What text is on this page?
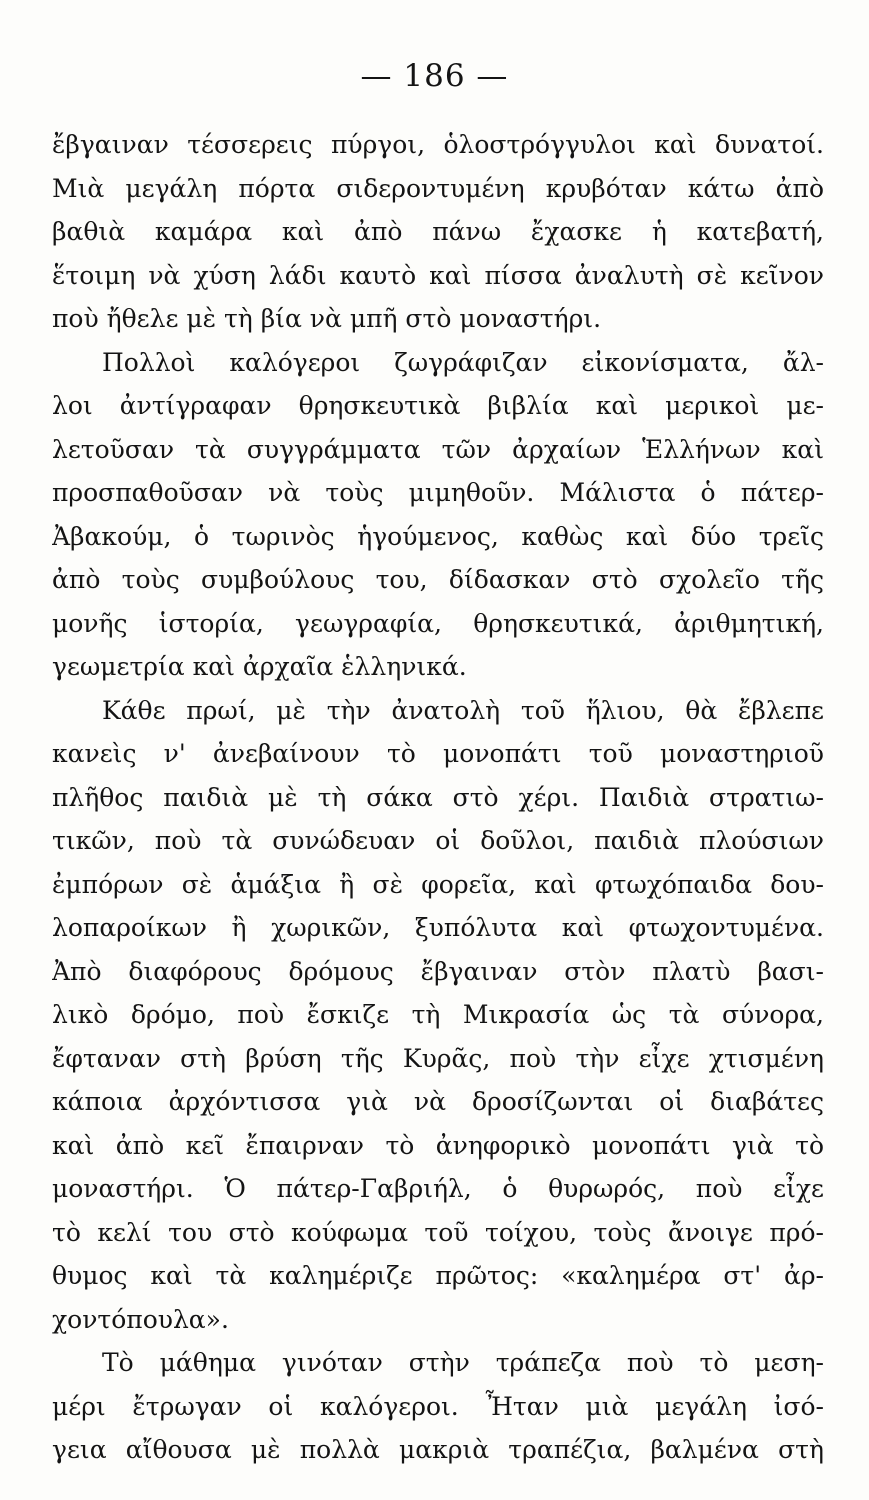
— 186 —
ἔβγαιναν τέσσερεις πύργοι, ὁλοστρόγγυλοι καὶ δυνατοί.
Μιὰ μεγάλη πόρτα σιδεροντυμένη κρυβόταν κάτω ἀπὸ
βαθιὰ καμάρα καὶ ἀπὸ πάνω ἔχασκε ἡ κατεβατή,
ἕτοιμη νὰ χύση λάδι καυτὸ καὶ πίσσα ἀναλυτὴ σὲ κεῖνον
ποὺ ἤθελε μὲ τὴ βία νὰ μπῆ στὸ μοναστήρι.
Πολλοὶ καλόγεροι ζωγράφιζαν εἰκονίσματα, ἄλ-
λοι ἀντίγραφαν θρησκευτικὰ βιβλία καὶ μερικοὶ με-
λετοῦσαν τὰ συγγράμματα τῶν ἀρχαίων Ἑλλήνων καὶ
προσπαθοῦσαν νὰ τοὺς μιμηθοῦν. Μάλιστα ὁ πάτερ-
Ἀβακούμ, ὁ τωρινὸς ἡγούμενος, καθὼς καὶ δύο τρεῖς
ἀπὸ τοὺς συμβούλους του, δίδασκαν στὸ σχολεῖο τῆς
μονῆς ἱστορία, γεωγραφία, θρησκευτικά, ἀριθμητική,
γεωμετρία καὶ ἀρχαῖα ἑλληνικά.
Κάθε πρωί, μὲ τὴν ἀνατολὴ τοῦ ἥλιου, θὰ ἔβλεπε
κανεὶς ν' ἀνεβαίνουν τὸ μονοπάτι τοῦ μοναστηριοῦ
πλῆθος παιδιὰ μὲ τὴ σάκα στὸ χέρι. Παιδιὰ στρατιω-
τικῶν, ποὺ τὰ συνώδευαν οἱ δοῦλοι, παιδιὰ πλούσιων
ἐμπόρων σὲ ἁμάξια ἢ σὲ φορεῖα, καὶ φτωχόπαιδα δου-
λοπαροίκων ἢ χωρικῶν, ξυπόλυτα καὶ φτωχοντυμένα.
Ἀπὸ διαφόρους δρόμους ἔβγαιναν στὸν πλατὺ βασι-
λικὸ δρόμο, ποὺ ἔσκιζε τὴ Μικρασία ὡς τὰ σύνορα,
ἔφταναν στὴ βρύση τῆς Κυρᾶς, ποὺ τὴν εἶχε χτισμένη
κάποια ἀρχόντισσα γιὰ νὰ δροσίζωνται οἱ διαβάτες
καὶ ἀπὸ κεῖ ἔπαιρναν τὸ ἀνηφορικὸ μονοπάτι γιὰ τὸ
μοναστήρι. Ὁ πάτερ-Γαβριήλ, ὁ θυρωρός, ποὺ εἶχε
τὸ κελί του στὸ κούφωμα τοῦ τοίχου, τοὺς ἄνοιγε πρό-
θυμος καὶ τὰ καλημέριζε πρῶτος: «καλημέρα στ' ἀρ-
χοντόπουλα».
Τὸ μάθημα γινόταν στὴν τράπεζα ποὺ τὸ μεση-
μέρι ἔτρωγαν οἱ καλόγεροι. Ἦταν μιὰ μεγάλη ἰσό-
γεια αἴθουσα μὲ πολλὰ μακριὰ τραπέζια, βαλμένα στὴ
